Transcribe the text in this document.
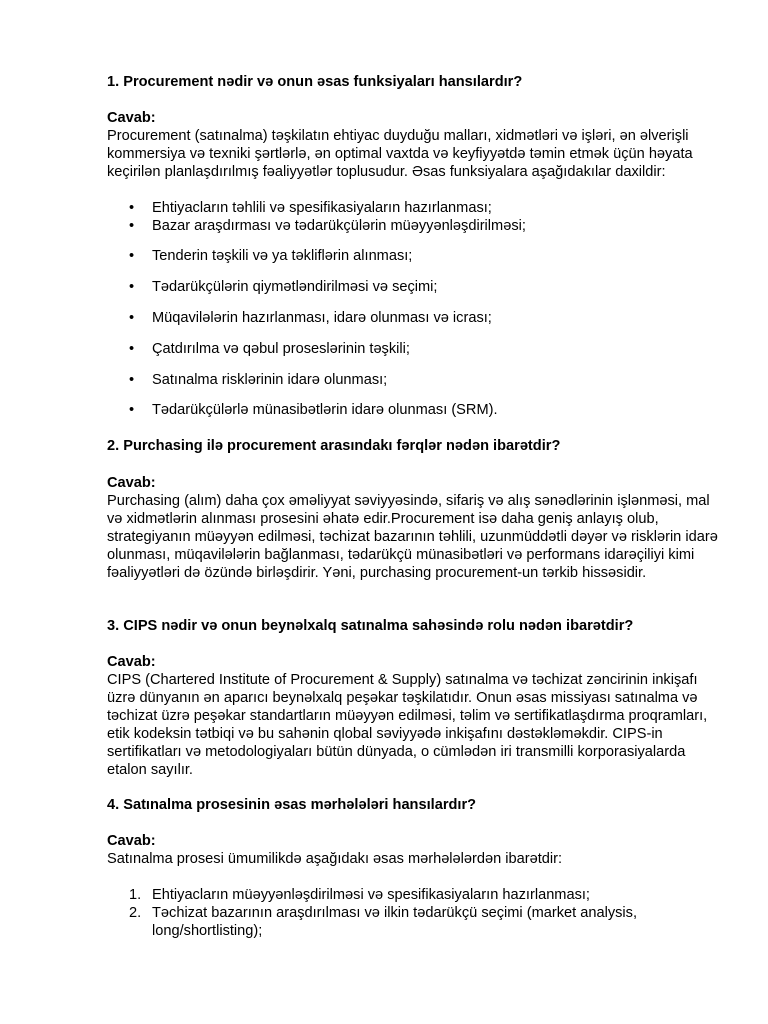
1. Procurement nədir və onun əsas funksiyaları hansılardır?

Cavab:

Procurement (satınalma) təşkilatın ehtiyac duyduğu malları, xidmətləri və işləri, ən əlverişli kommersiya və texniki şərtlərlə, ən optimal vaxtda və keyfiyyətdə təmin etmək üçün həyata keçirilən planlaşdırılmış fəaliyyətlər toplusudur. Əsas funksiyalara aşağıdakılar daxildir:

• Ehtiyacların təhlili və spesifikasiyaların hazırlanması;
• Bazar araşdırması və tədarükçülərin müəyyənləşdirilməsi;
• Tenderin təşkili və ya təkliflərin alınması;
• Tədarükçülərin qiymətləndirilməsi və seçimi;
• Müqavilələrin hazırlanması, idarə olunması və icrası;
• Çatdırılma və qəbul proseslərinin təşkili;
• Satınalma risklərinin idarə olunması;
• Tədarükçülərlə münasibətlərin idarə olunması (SRM).

2. Purchasing ilə procurement arasındakı fərqlər nədən ibarətdir?

Cavab:

Purchasing (alım) daha çox əməliyyat səviyyəsində, sifariş və alış sənədlərinin işlənməsi, mal və xidmətlərin alınması prosesini əhatə edir.Procurement isə daha geniş anlayış olub, strategiyanın müəyyən edilməsi, təchizat bazarının təhlili, uzunmüddətli dəyər və risklərin idarə olunması, müqavilələrin bağlanması, tədarükçü münasibətləri və performans idarəçiliyi kimi fəaliyyətləri də özündə birləşdirir. Yəni, purchasing procurement-un tərkib hissəsidir.

3. CIPS nədir və onun beynəlxalq satınalma sahəsində rolu nədən ibarətdir?

Cavab:

CIPS (Chartered Institute of Procurement & Supply) satınalma və təchizat zəncirinin inkişafı üzrə dünyanın ən aparıcı beynəlxalq peşəkar təşkilatıdır. Onun əsas missiyası satınalma və təchizat üzrə peşəkar standartların müəyyən edilməsi, təlim və sertifikatlaşdırma proqramları, etik kodeksin tətbiqi və bu sahənin qlobal səviyyədə inkişafını dəstəkləməkdir. CIPS-in sertifikatları və metodologiyaları bütün dünyada, o cümlədən iri transmilli korporasiyalarda etalon sayılır.

4. Satınalma prosesinin əsas mərhələləri hansılardır?

Cavab:

Satınalma prosesi ümumilikdə aşağıdakı əsas mərhələlərdən ibarətdir:

1. Ehtiyacların müəyyənləşdirilməsi və spesifikasiyaların hazırlanması;
2. Təchizat bazarının araşdırılması və ilkin tədarükçü seçimi (market analysis, long/shortlisting);
